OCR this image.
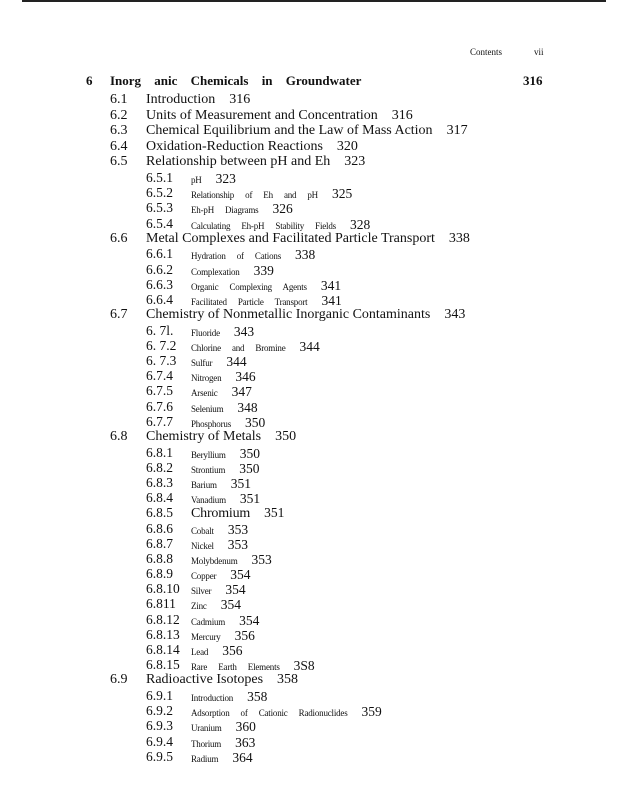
Contents	vii
6 Inorg anic Chemicals in Groundwater	316
6.1 Introduction 316
6.2 Units of Measurement and Concentration 316
6.3 Chemical Equilibrium and the Law of Mass Action 317
6.4 Oxidation-Reduction Reactions 320
6.5 Relationship between pH and Eh 323
6.5.1 pH 323
6.5.2 Relationship of Eh and pH 325
6.5.3 Eh-pH Diagrams 326
6.5.4 Calculating Eh-pH Stability Fields 328
6.6 Metal Complexes and Facilitated Particle Transport 338
6.6.1 Hydration of Cations 338
6.6.2 Complexation 339
6.6.3 Organic Complexing Agents 341
6.6.4 Facilitated Particle Transport 341
6.7 Chemistry of Nonmetallic Inorganic Contaminants 343
6. 7l. Fluoride 343
6. 7.2 Chlorine and Bromine 344
6. 7.3 Sulfur 344
6.7.4 Nitrogen 346
6.7.5 Arsenic 347
6.7.6 Selenium 348
6.7.7 Phosphorus 350
6.8 Chemistry of Metals 350
6.8.1 Beryllium 350
6.8.2 Strontium 350
6.8.3 Barium 351
6.8.4 Vanadium 351
6.8.5 Chromium 351
6.8.6 Cobalt 353
6.8.7 Nickel 353
6.8.8 Molybdenum 353
6.8.9 Copper 354
6.8.10 Silver 354
6.811 Zinc 354
6.8.12 Cadmium 354
6.8.13 Mercury 356
6.8.14 Lead 356
6.8.15 Rare Earth Elements 3S8
6.9 Radioactive Isotopes 358
6.9.1 Introduction 358
6.9.2 Adsorption of Cationic Radionuclides 359
6.9.3 Uranium 360
6.9.4 Thorium 363
6.9.5 Radium 364
